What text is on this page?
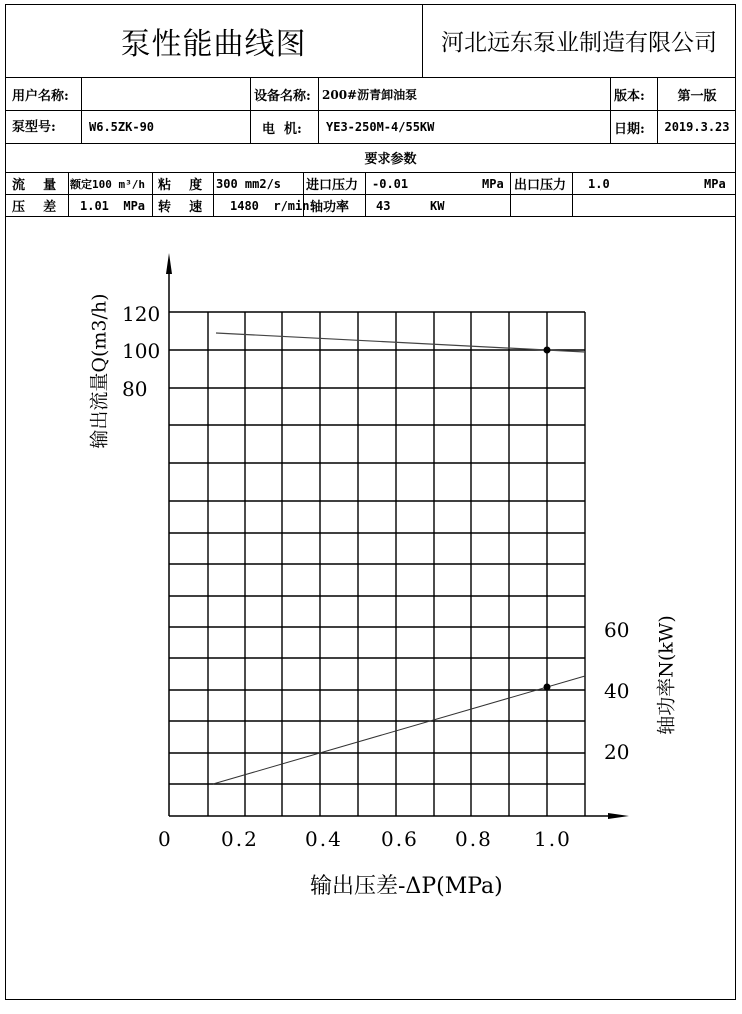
泵性能曲线图	河北远东泵业制造有限公司
用户名称:	设备名称: 200#沥青卸油泵	版本:	第一版
泵型号:	W6.5ZK-90	电  机: YE3-250M-4/55KW	日期:	2019.3.23
要求参数
流    量 额定100 m³/h 粘    度 300 mm2/s 进口压力 -0.01	MPa 出口压力 1.0	MPa
压    差 1.01  MPa 转    速 1480  r/min 轴功率 43	KW
120
100
80
60
40
20
0	0.2 0.4 0.6 0.8 1.0
输出压差-ΔP(MPa)
输出流量Q(m3/h)
轴功率N(kW)
